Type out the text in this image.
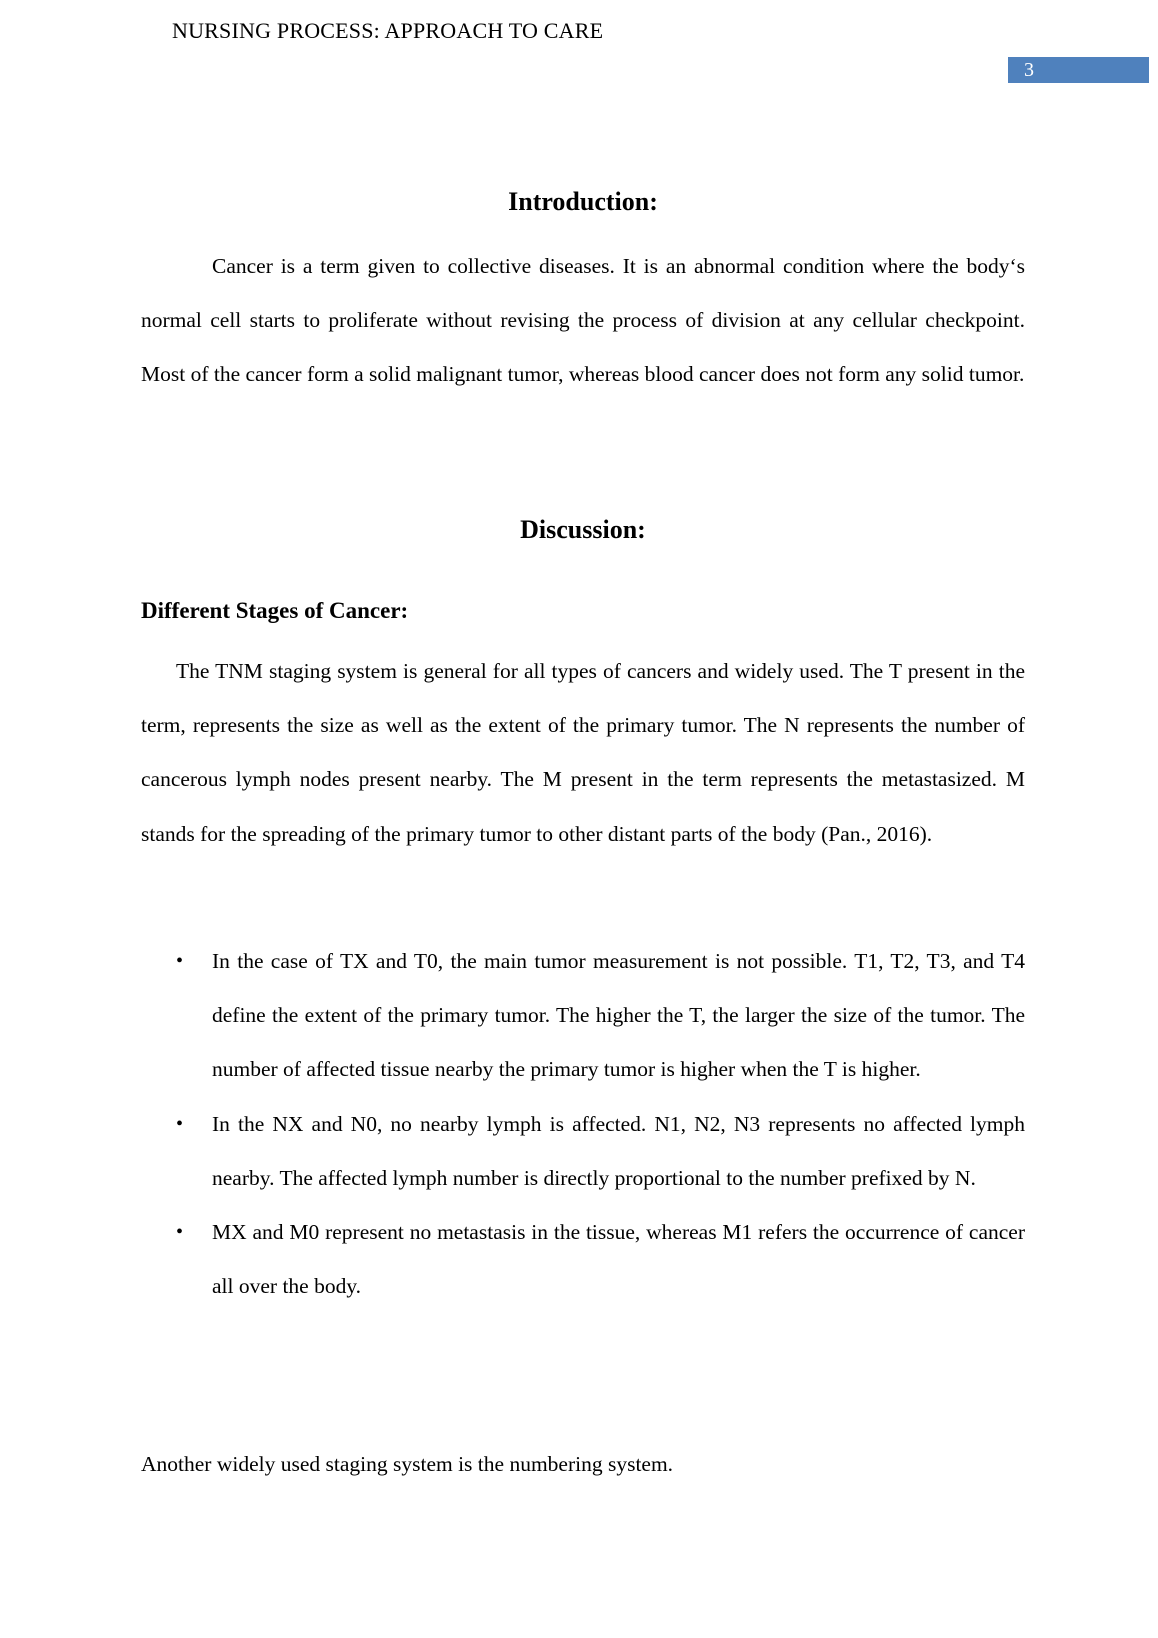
NURSING PROCESS: APPROACH TO CARE
3
Introduction:

Cancer is a term given to collective diseases. It is an abnormal condition where the body‘s normal cell starts to proliferate without revising the process of division at any cellular checkpoint. Most of the cancer form a solid malignant tumor, whereas blood cancer does not form any solid tumor.

Discussion:
Different Stages of Cancer:

The TNM staging system is general for all types of cancers and widely used. The T present in the term, represents the size as well as the extent of the primary tumor. The N represents the number of cancerous lymph nodes present nearby. The M present in the term represents the metastasized. M stands for the spreading of the primary tumor to other distant parts of the body (Pan., 2016).

• In the case of TX and T0, the main tumor measurement is not possible. T1, T2, T3, and T4 define the extent of the primary tumor. The higher the T, the larger the size of the tumor. The number of affected tissue nearby the primary tumor is higher when the T is higher.
• In the NX and N0, no nearby lymph is affected. N1, N2, N3 represents no affected lymph nearby. The affected lymph number is directly proportional to the number prefixed by N.
• MX and M0 represent no metastasis in the tissue, whereas M1 refers the occurrence of cancer all over the body.

Another widely used staging system is the numbering system.
